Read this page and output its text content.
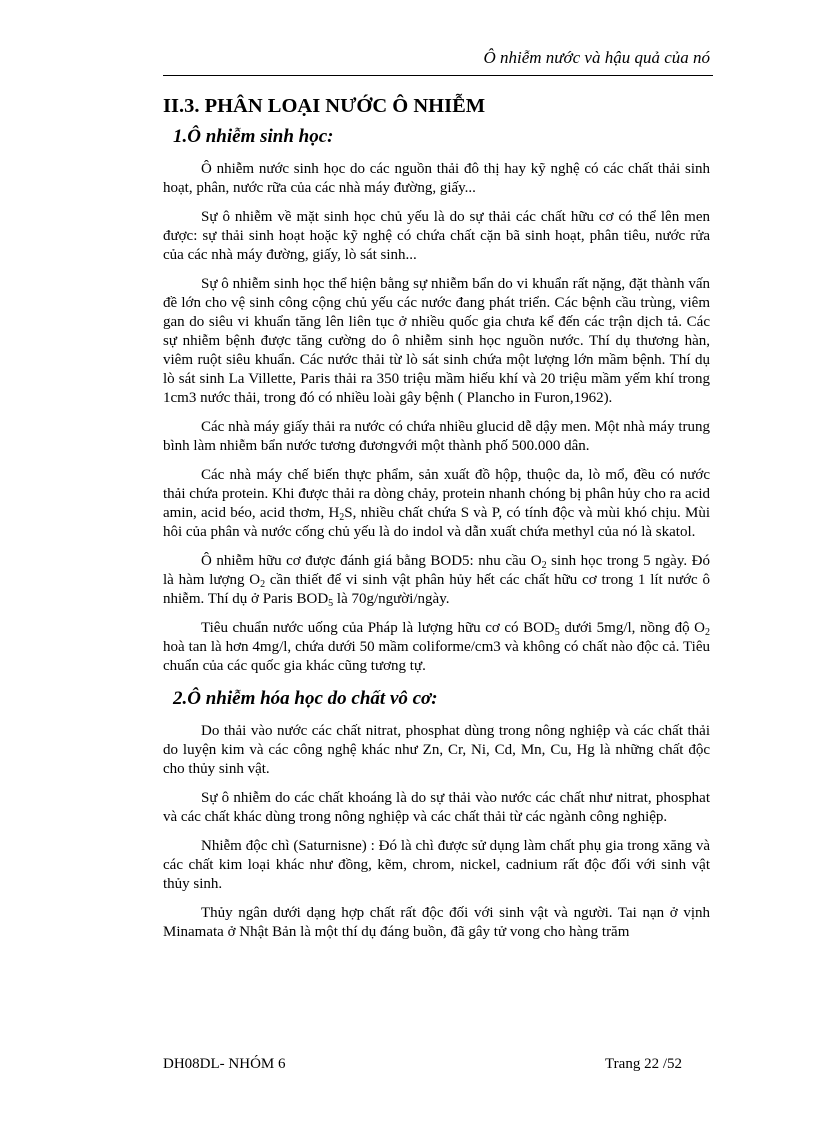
Ô nhiễm nước và hậu quả của nó
II.3. PHÂN LOẠI NƯỚC Ô NHIỄM
1.Ô nhiễm sinh học:

Ô nhiễm nước sinh học do các nguồn thải đô thị hay kỹ nghệ có các chất thải sinh hoạt, phân, nước rữa của các nhà máy đường, giấy...

Sự ô nhiễm về mặt sinh học chủ yếu là do sự thải các chất hữu cơ có thể lên men được: sự thải sinh hoạt hoặc kỹ nghệ có chứa chất cặn bã sinh hoạt, phân tiêu, nước rửa của các nhà máy đường, giấy, lò sát sinh...

Sự ô nhiễm sinh học thể hiện bằng sự nhiễm bẩn do vi khuẩn rất nặng, đặt thành vấn đề lớn cho vệ sinh công cộng chủ yếu các nước đang phát triển. Các bệnh cầu trùng, viêm gan do siêu vi khuẩn tăng lên liên tục ở nhiều quốc gia chưa kể đến các trận dịch tả. Các sự nhiễm bệnh được tăng cường do ô nhiễm sinh học nguồn nước. Thí dụ thương hàn, viêm ruột siêu khuẩn. Các nước thải từ lò sát sinh chứa một lượng lớn mầm bệnh. Thí dụ lò sát sinh La Villette, Paris thải ra 350 triệu mầm hiếu khí và 20 triệu mầm yếm khí trong 1cm3 nước thải, trong đó có nhiều loài gây bệnh ( Plancho in Furon,1962).

Các nhà máy giấy thải ra nước có chứa nhiều glucid dễ dậy men. Một nhà máy trung bình làm nhiễm bẩn nước tương đươngvới một thành phố 500.000 dân.

Các nhà máy chế biến thực phẩm, sản xuất đồ hộp, thuộc da, lò mổ, đều có nước thải chứa protein. Khi được thải ra dòng chảy, protein nhanh chóng bị phân hủy cho ra acid amin, acid béo, acid thơm, $H_2S$, nhiều chất chứa S và P, có tính độc và mùi khó chịu. Mùi hôi của phân và nước cống chủ yếu là do indol và dẫn xuất chứa methyl của nó là skatol.

Ô nhiễm hữu cơ được đánh giá bằng BOD5: nhu cầu $O_2$ sinh học trong 5 ngày. Đó là hàm lượng $O_2$ cần thiết để vi sinh vật phân hủy hết các chất hữu cơ trong 1 lít nước ô nhiễm. Thí dụ ở Paris $BOD_5$ là 70g/người/ngày.

Tiêu chuẩn nước uống của Pháp là lượng hữu cơ có $BOD_5$ dưới 5mg/l, nồng độ $O_2$ hoà tan là hơn 4mg/l, chứa dưới 50 mầm coliforme/cm3 và không có chất nào độc cả. Tiêu chuẩn của các quốc gia khác cũng tương tự.

2.Ô nhiễm hóa học do chất vô cơ:

Do thải vào nước các chất nitrat, phosphat dùng trong nông nghiệp và các chất thải do luyện kim và các công nghệ khác như Zn, Cr, Ni, Cd, Mn, Cu, Hg là những chất độc cho thủy sinh vật.

Sự ô nhiễm do các chất khoáng là do sự thải vào nước các chất như nitrat, phosphat và các chất khác dùng trong nông nghiệp và các chất thải từ các ngành công nghiệp.

Nhiễm độc chì (Saturnisne) : Đó là chì được sử dụng làm chất phụ gia trong xăng và các chất kim loại khác như đồng, kẽm, chrom, nickel, cadnium rất độc đối với sinh vật thủy sinh.

Thủy ngân dưới dạng hợp chất rất độc đối với sinh vật và người. Tai nạn ở vịnh Minamata ở Nhật Bản là một thí dụ đáng buồn, đã gây tử vong cho hàng trăm

DH08DL- NHÓM 6	Trang 22 /52
